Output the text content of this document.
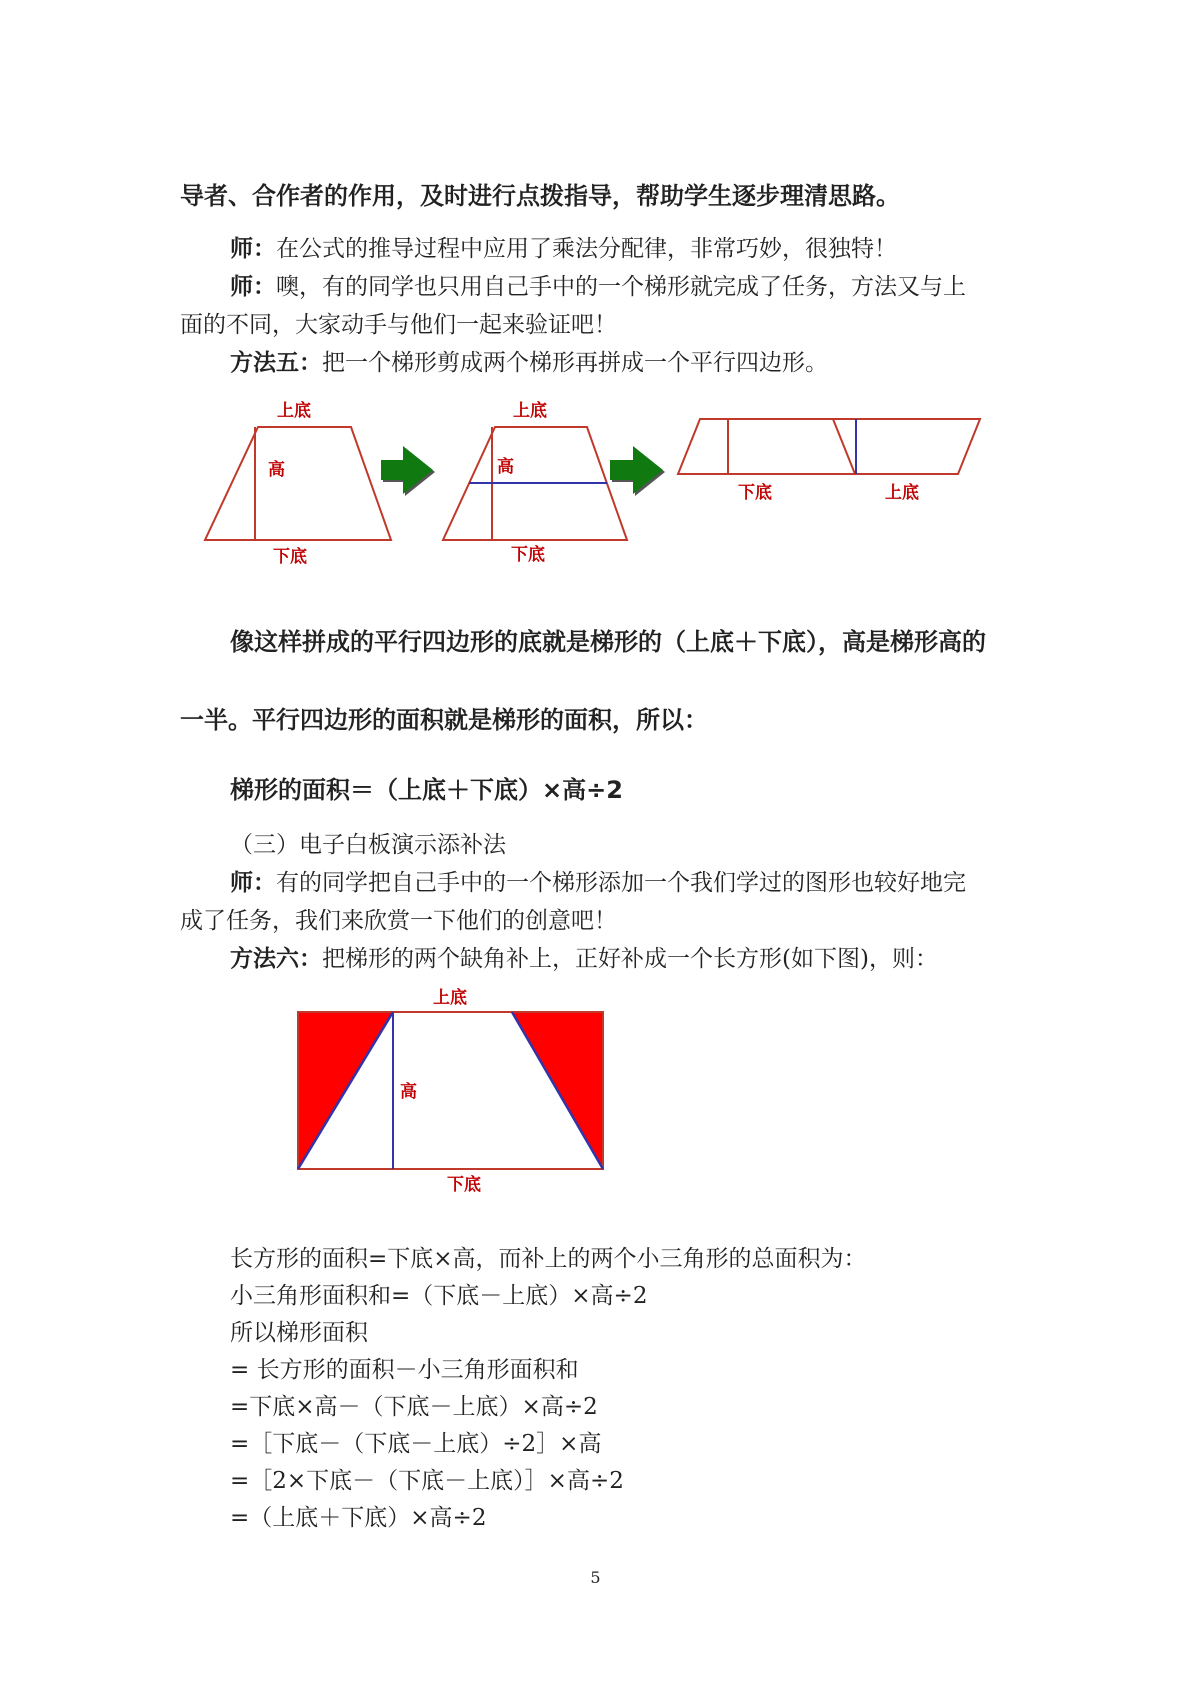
导者、合作者的作用，及时进行点拨指导，帮助学生逐步理清思路。
师：在公式的推导过程中应用了乘法分配律，非常巧妙，很独特！
师：噢，有的同学也只用自己手中的一个梯形就完成了任务，方法又与上
面的不同，大家动手与他们一起来验证吧！
方法五：把一个梯形剪成两个梯形再拼成一个平行四边形。
上底
高
下底
上底
高
下底
下底	上底
像这样拼成的平行四边形的底就是梯形的（上底＋下底），高是梯形高的
一半。平行四边形的面积就是梯形的面积，所以：
梯形的面积＝（上底＋下底）×高÷2
（三）电子白板演示添补法
师：有的同学把自己手中的一个梯形添加一个我们学过的图形也较好地完
成了任务，我们来欣赏一下他们的创意吧！
方法六：把梯形的两个缺角补上，正好补成一个长方形(如下图)，则：
上底
高
下底
长方形的面积=下底×高，而补上的两个小三角形的总面积为：
小三角形面积和=（下底－上底）×高÷2
所以梯形面积
= 长方形的面积－小三角形面积和
=下底×高－（下底－上底）×高÷2
=［下底－（下底－上底）÷2］×高
=［2×下底－（下底－上底）］×高÷2
=（上底＋下底）×高÷2
5
